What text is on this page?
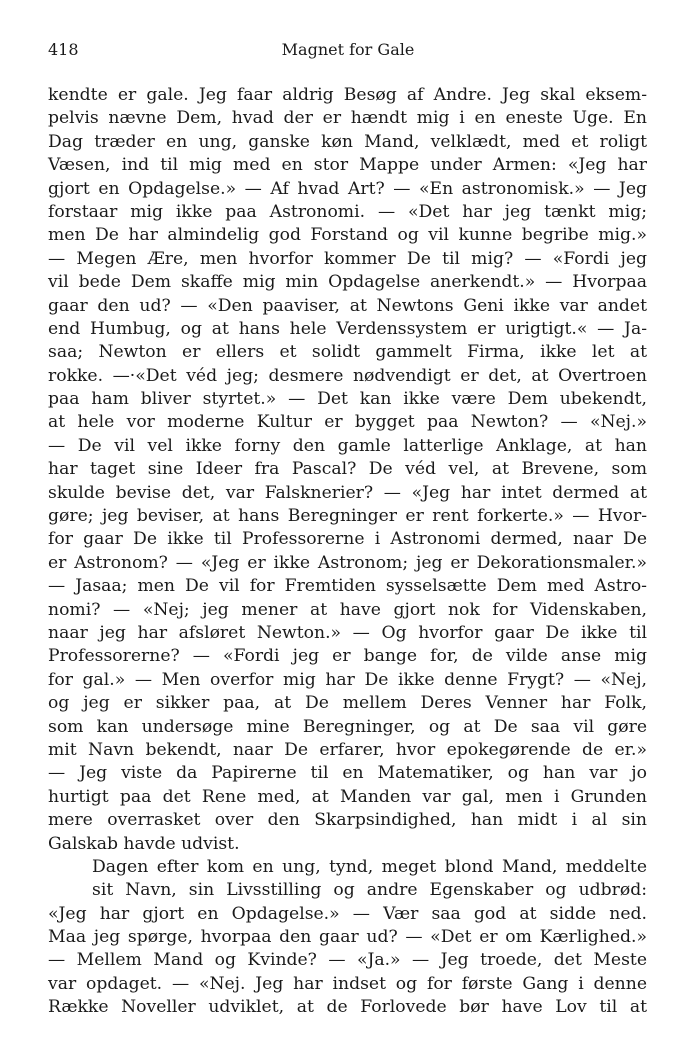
418	Magnet for Gale
kendte er gale. Jeg faar aldrig Besøg af Andre. Jeg skal eksem-
pelvis nævne Dem, hvad der er hændt mig i en eneste Uge. En
Dag træder en ung, ganske køn Mand, velklædt, med et roligt
Væsen, ind til mig med en stor Mappe under Armen: «Jeg har
gjort en Opdagelse.» — Af hvad Art? — «En astronomisk.» — Jeg
forstaar mig ikke paa Astronomi. — «Det har jeg tænkt mig;
men De har almindelig god Forstand og vil kunne begribe mig.»
— Megen Ære, men hvorfor kommer De til mig? — «Fordi jeg
vil bede Dem skaffe mig min Opdagelse anerkendt.» — Hvorpaa
gaar den ud? — «Den paaviser, at Newtons Geni ikke var andet
end Humbug, og at hans hele Verdenssystem er urigtigt.« — Ja-
saa; Newton er ellers et solidt gammelt Firma, ikke let at
rokke. —·«Det véd jeg; desmere nødvendigt er det, at Overtroen
paa ham bliver styrtet.» — Det kan ikke være Dem ubekendt,
at hele vor moderne Kultur er bygget paa Newton? — «Nej.»
— De vil vel ikke forny den gamle latterlige Anklage, at han
har taget sine Ideer fra Pascal? De véd vel, at Brevene, som
skulde bevise det, var Falsknerier? — «Jeg har intet dermed at
gøre; jeg beviser, at hans Beregninger er rent forkerte.» — Hvor-
for gaar De ikke til Professorerne i Astronomi dermed, naar De
er Astronom? — «Jeg er ikke Astronom; jeg er Dekorationsmaler.»
— Jasaa; men De vil for Fremtiden sysselsætte Dem med Astro-
nomi? — «Nej; jeg mener at have gjort nok for Videnskaben,
naar jeg har afsløret Newton.» — Og hvorfor gaar De ikke til
Professorerne? — «Fordi jeg er bange for, de vilde anse mig
for gal.» — Men overfor mig har De ikke denne Frygt? — «Nej,
og jeg er sikker paa, at De mellem Deres Venner har Folk,
som kan undersøge mine Beregninger, og at De saa vil gøre
mit Navn bekendt, naar De erfarer, hvor epokegørende de er.»
— Jeg viste da Papirerne til en Matematiker, og han var jo
hurtigt paa det Rene med, at Manden var gal, men i Grunden
mere overrasket over den Skarpsindighed, han midt i al sin
Galskab havde udvist.
Dagen efter kom en ung, tynd, meget blond Mand, meddelte sit Navn, sin Livsstilling og andre Egenskaber og udbrød:
«Jeg har gjort en Opdagelse.» — Vær saa god at sidde ned.
Maa jeg spørge, hvorpaa den gaar ud? — «Det er om Kærlighed.»
— Mellem Mand og Kvinde? — «Ja.» — Jeg troede, det Meste
var opdaget. — «Nej. Jeg har indset og for første Gang i denne
Række Noveller udviklet, at de Forlovede bør have Lov til at
